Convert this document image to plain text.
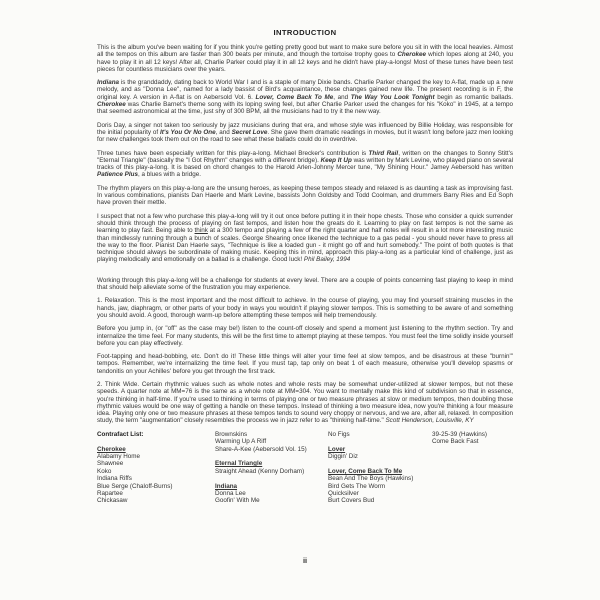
INTRODUCTION
This is the album you've been waiting for if you think you're getting pretty good but want to make sure before you sit in with the local heavies. Almost all the tempos on this album are faster than 300 beats per minute, and though the tortoise trophy goes to Cherokee which lopes along at 240, you have to play it in all 12 keys! After all, Charlie Parker could play it in all 12 keys and he didn't have play-a-longs! Most of these tunes have been test pieces for countless musicians over the years.
Indiana is the granddaddy, dating back to World War I and is a staple of many Dixie bands. Charlie Parker changed the key to A-flat, made up a new melody, and as "Donna Lee", named for a lady bassist of Bird's acquaintance, these changes gained new life. The present recording is in F, the original key. A version in A-flat is on Aebersold Vol. 6. Lover, Come Back To Me, and The Way You Look Tonight begin as romantic ballads. Cherokee was Charlie Barnet's theme song with its loping swing feel, but after Charlie Parker used the changes for his "Koko" in 1945, at a tempo that seemed astronomical at the time, just shy of 300 BPM, all the musicians had to try it the new way.
Doris Day, a singer not taken too seriously by jazz musicians during that era, and whose style was influenced by Billie Holiday, was responsible for the initial popularity of It's You Or No One, and Secret Love. She gave them dramatic readings in movies, but it wasn't long before jazz men looking for new challenges took them out on the road to see what these ballads could do in overdrive.
Three tunes have been especially written for this play-a-long. Michael Brecker's contribution is Third Rail, written on the changes to Sonny Stitt's "Eternal Triangle" (basically the "I Got Rhythm" changes with a different bridge). Keep It Up was written by Mark Levine, who played piano on several tracks of this play-a-long. It is based on chord changes to the Harold Arlen-Johnny Mercer tune, "My Shining Hour." Jamey Aebersold has written Patience Plus, a blues with a bridge.
The rhythm players on this play-a-long are the unsung heroes, as keeping these tempos steady and relaxed is as daunting a task as improvising fast. In various combinations, pianists Dan Haerle and Mark Levine, bassists John Goldsby and Todd Coolman, and drummers Barry Ries and Ed Soph have proven their mettle.
I suspect that not a few who purchase this play-a-long will try it out once before putting it in their hope chests. Those who consider a quick surrender should think through the process of playing on fast tempos, and listen how the greats do it. Learning to play on fast tempos is not the same as learning to play fast. Being able to think at a 300 tempo and playing a few of the right quarter and half notes will result in a lot more interesting music than mindlessly running through a bunch of scales. George Shearing once likened the technique to a gas pedal - you should never have to press all the way to the floor. Pianist Dan Haerle says, "Technique is like a loaded gun - it might go off and hurt somebody." The point of both quotes is that technique should always be subordinate of making music. Keeping this in mind, approach this play-a-long as a particular kind of challenge, just as playing melodically and emotionally on a ballad is a challenge. Good luck! Phil Bailey, 1994
Working through this play-a-long will be a challenge for students at every level. There are a couple of points concerning fast playing to keep in mind that should help alleviate some of the frustration you may experience.
1. Relaxation. This is the most important and the most difficult to achieve. In the course of playing, you may find yourself straining muscles in the hands, jaw, diaphragm, or other parts of your body in ways you wouldn't if playing slower tempos. This is something to be aware of and something you should avoid. A good, thorough warm-up before attempting these tempos will help tremendously.
Before you jump in, (or "off" as the case may be!) listen to the count-off closely and spend a moment just listening to the rhythm section. Try and internalize the time feel. For many students, this will be the first time to attempt playing at these tempos. You must feel the time solidly inside yourself before you can play effectively.
Foot-tapping and head-bobbing, etc. Don't do it! These little things will alter your time feel at slow tempos, and be disastrous at these "burnin'" tempos. Remember, we're internalizing the time feel. If you must tap, tap only on beat 1 of each measure, otherwise you'll develop spasms or tendonitis on your Achilles' before you get through the first track.
2. Think Wide. Certain rhythmic values such as whole notes and whole rests may be somewhat under-utilized at slower tempos, but not these speeds. A quarter note at MM=76 is the same as a whole note at MM=304. You want to mentally make this kind of subdivision so that in essence, you're thinking in half-time. If you're used to thinking in terms of playing one or two measure phrases at slow or medium tempos, then doubling those rhythmic values would be one way of getting a handle on these tempos. Instead of thinking a two measure idea, now you're thinking a four measure idea. Playing only one or two measure phrases at these tempos tends to sound very choppy or nervous, and we are, after all, relaxed. In composition study, the term "augmentation" closely resembles the process we in jazz refer to as "thinking half-time." Scott Henderson, Louisville, KY
Contrafact List:

Cherokee
Alabamy Home
Shawnee
Koko
Indiana Riffs
Blue Serge (Chaloff-Burns)
Rapartee
Chickasaw
Brownskins
Warming Up A Riff
Share-A-Kee (Aebersold Vol. 15)

Eternal Triangle
Straight Ahead (Kenny Dorham)

Indiana
Donna Lee
Goofin' With Me
No Figs

Lover
Diggin' Diz

Lover, Come Back To Me
Bean And The Boys (Hawkins)
Bird Gets The Worm
Quicksilver
Burt Covers Bud
39-25-39 (Hawkins)
Come Back Fast
ii
